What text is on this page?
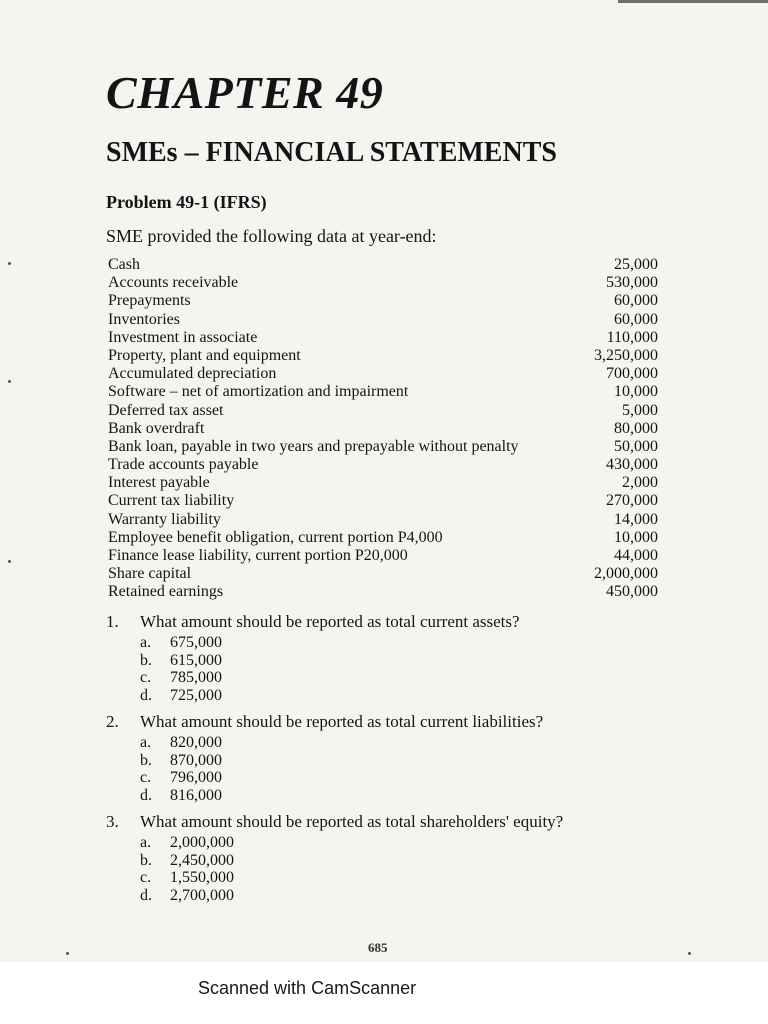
CHAPTER 49
SMEs – FINANCIAL STATEMENTS
Problem 49-1 (IFRS)
SME provided the following data at year-end:
Cash	25,000
Accounts receivable	530,000
Prepayments	60,000
Inventories	60,000
Investment in associate	110,000
Property, plant and equipment	3,250,000
Accumulated depreciation	700,000
Software – net of amortization and impairment	10,000
Deferred tax asset	5,000
Bank overdraft	80,000
Bank loan, payable in two years and prepayable without penalty	50,000
Trade accounts payable	430,000
Interest payable	2,000
Current tax liability	270,000
Warranty liability	14,000
Employee benefit obligation, current portion P4,000	10,000
Finance lease liability, current portion P20,000	44,000
Share capital	2,000,000
Retained earnings	450,000
1.	What amount should be reported as total current assets?
a.	675,000
b.	615,000
c.	785,000
d.	725,000
2.	What amount should be reported as total current liabilities?
a.	820,000
b.	870,000
c.	796,000
d.	816,000
3.	What amount should be reported as total shareholders' equity?
a.	2,000,000
b.	2,450,000
c.	1,550,000
d.	2,700,000
685
Scanned with CamScanner
